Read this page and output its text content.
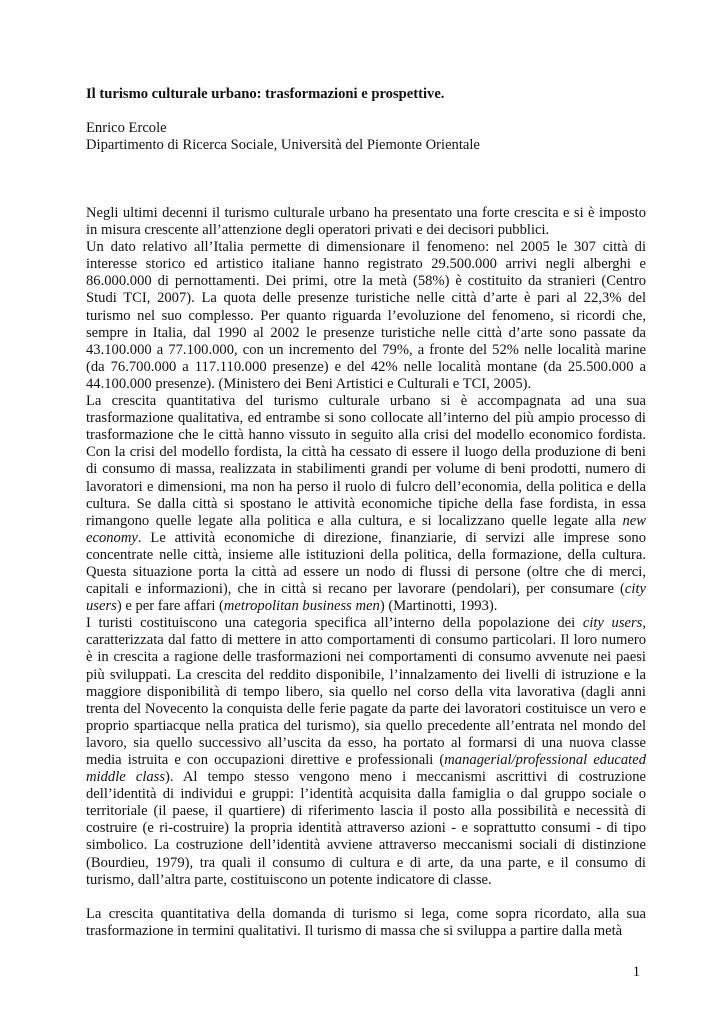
Il turismo culturale urbano: trasformazioni e prospettive.
Enrico Ercole
Dipartimento di Ricerca Sociale, Università del Piemonte Orientale

Negli ultimi decenni il turismo culturale urbano ha presentato una forte crescita e si è imposto in misura crescente all’attenzione degli operatori privati e dei decisori pubblici.

Un dato relativo all’Italia permette di dimensionare il fenomeno: nel 2005 le 307 città di interesse storico ed artistico italiane hanno registrato 29.500.000 arrivi negli alberghi e 86.000.000 di pernottamenti. Dei primi, otre la metà (58%) è costituito da stranieri (Centro Studi TCI, 2007). La quota delle presenze turistiche nelle città d’arte è pari al 22,3% del turismo nel suo complesso. Per quanto riguarda l’evoluzione del fenomeno, si ricordi che, sempre in Italia, dal 1990 al 2002 le presenze turistiche nelle città d’arte sono passate da 43.100.000 a 77.100.000, con un incremento del 79%, a fronte del 52% nelle località marine (da 76.700.000 a 117.110.000 presenze) e del 42% nelle località montane (da 25.500.000 a 44.100.000 presenze). (Ministero dei Beni Artistici e Culturali e TCI, 2005).

La crescita quantitativa del turismo culturale urbano si è accompagnata ad una sua trasformazione qualitativa, ed entrambe si sono collocate all’interno del più ampio processo di trasformazione che le città hanno vissuto in seguito alla crisi del modello economico fordista. Con la crisi del modello fordista, la città ha cessato di essere il luogo della produzione di beni di consumo di massa, realizzata in stabilimenti grandi per volume di beni prodotti, numero di lavoratori e dimensioni, ma non ha perso il ruolo di fulcro dell’economia, della politica e della cultura. Se dalla città si spostano le attività economiche tipiche della fase fordista, in essa rimangono quelle legate alla politica e alla cultura, e si localizzano quelle legate alla new economy. Le attività economiche di direzione, finanziarie, di servizi alle imprese sono concentrate nelle città, insieme alle istituzioni della politica, della formazione, della cultura. Questa situazione porta la città ad essere un nodo di flussi di persone (oltre che di merci, capitali e informazioni), che in città si recano per lavorare (pendolari), per consumare (city users) e per fare affari (metropolitan business men) (Martinotti, 1993).

I turisti costituiscono una categoria specifica all’interno della popolazione dei city users, caratterizzata dal fatto di mettere in atto comportamenti di consumo particolari. Il loro numero è in crescita a ragione delle trasformazioni nei comportamenti di consumo avvenute nei paesi più sviluppati. La crescita del reddito disponibile, l’innalzamento dei livelli di istruzione e la maggiore disponibilità di tempo libero, sia quello nel corso della vita lavorativa (dagli anni trenta del Novecento la conquista delle ferie pagate da parte dei lavoratori costituisce un vero e proprio spartiacque nella pratica del turismo), sia quello precedente all’entrata nel mondo del lavoro, sia quello successivo all’uscita da esso, ha portato al formarsi di una nuova classe media istruita e con occupazioni direttive e professionali (managerial/professional educated middle class). Al tempo stesso vengono meno i meccanismi ascrittivi di costruzione dell’identità di individui e gruppi: l’identità acquisita dalla famiglia o dal gruppo sociale o territoriale (il paese, il quartiere) di riferimento lascia il posto alla possibilità e necessità di costruire (e ri-costruire) la propria identità attraverso azioni - e soprattutto consumi - di tipo simbolico. La costruzione dell’identità avviene attraverso meccanismi sociali di distinzione (Bourdieu, 1979), tra quali il consumo di cultura e di arte, da una parte, e il consumo di turismo, dall’altra parte, costituiscono un potente indicatore di classe.

La crescita quantitativa della domanda di turismo si lega, come sopra ricordato, alla sua trasformazione in termini qualitativi. Il turismo di massa che si sviluppa a partire dalla metà

1
